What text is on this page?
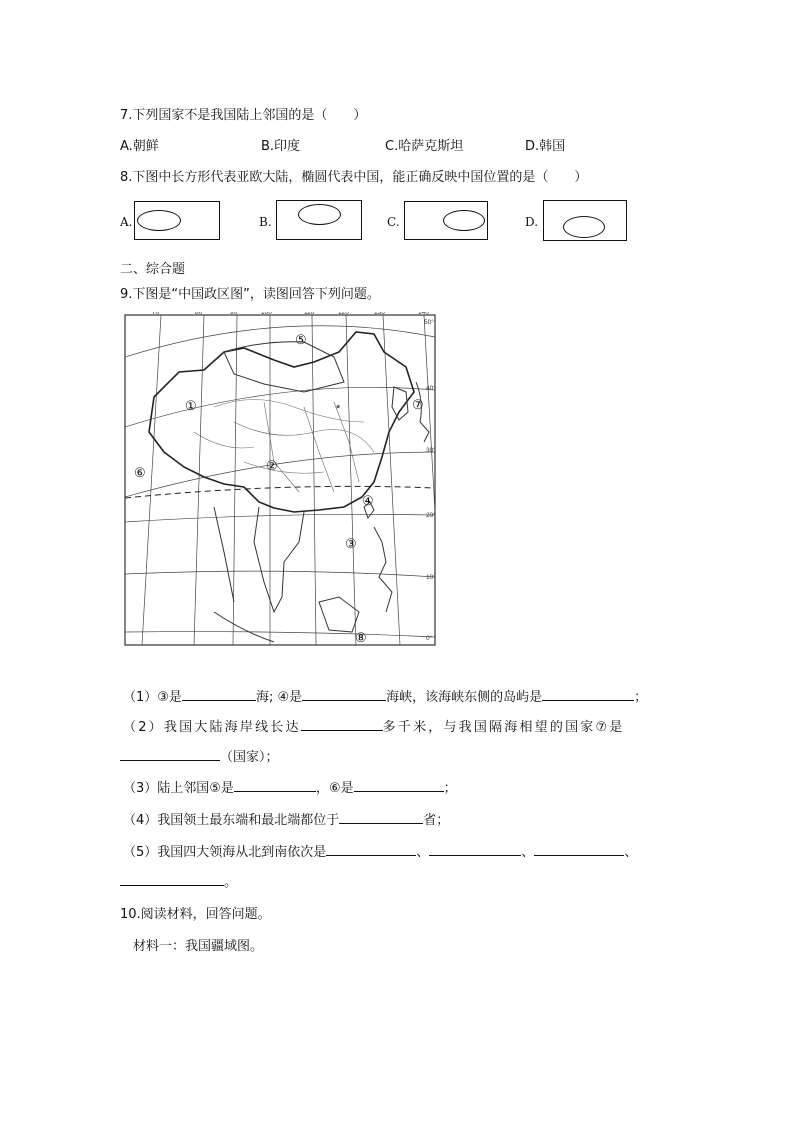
7.下列国家不是我国陆上邻国的是（　　）
A.朝鲜	B.印度	C.哈萨克斯坦	D.韩国
8.下图中长方形代表亚欧大陆，椭圆代表中国，能正确反映中国位置的是（　　）
A.	B.	C.	D.
二、综合题
9.下图是“中国政区图”，读图回答下列问题。
*
70°	80°	90°	100°	110°	120°	130°	140°
50°
40°
30°
20°
10°
0°
①
②
③
④
⑤
⑥
⑦
⑧
（1）③是	海; ④是	海峡，该海峡东侧的岛屿是	；
（2）我国大陆海岸线长达	多千米，与我国隔海相望的国家⑦是
（国家）；
（3）陆上邻国⑤是	，⑥是	；
（4）我国领土最东端和最北端都位于	省；
（5）我国四大领海从北到南依次是	、	、	、
。
10.阅读材料，回答问题。
材料一：我国疆域图。
